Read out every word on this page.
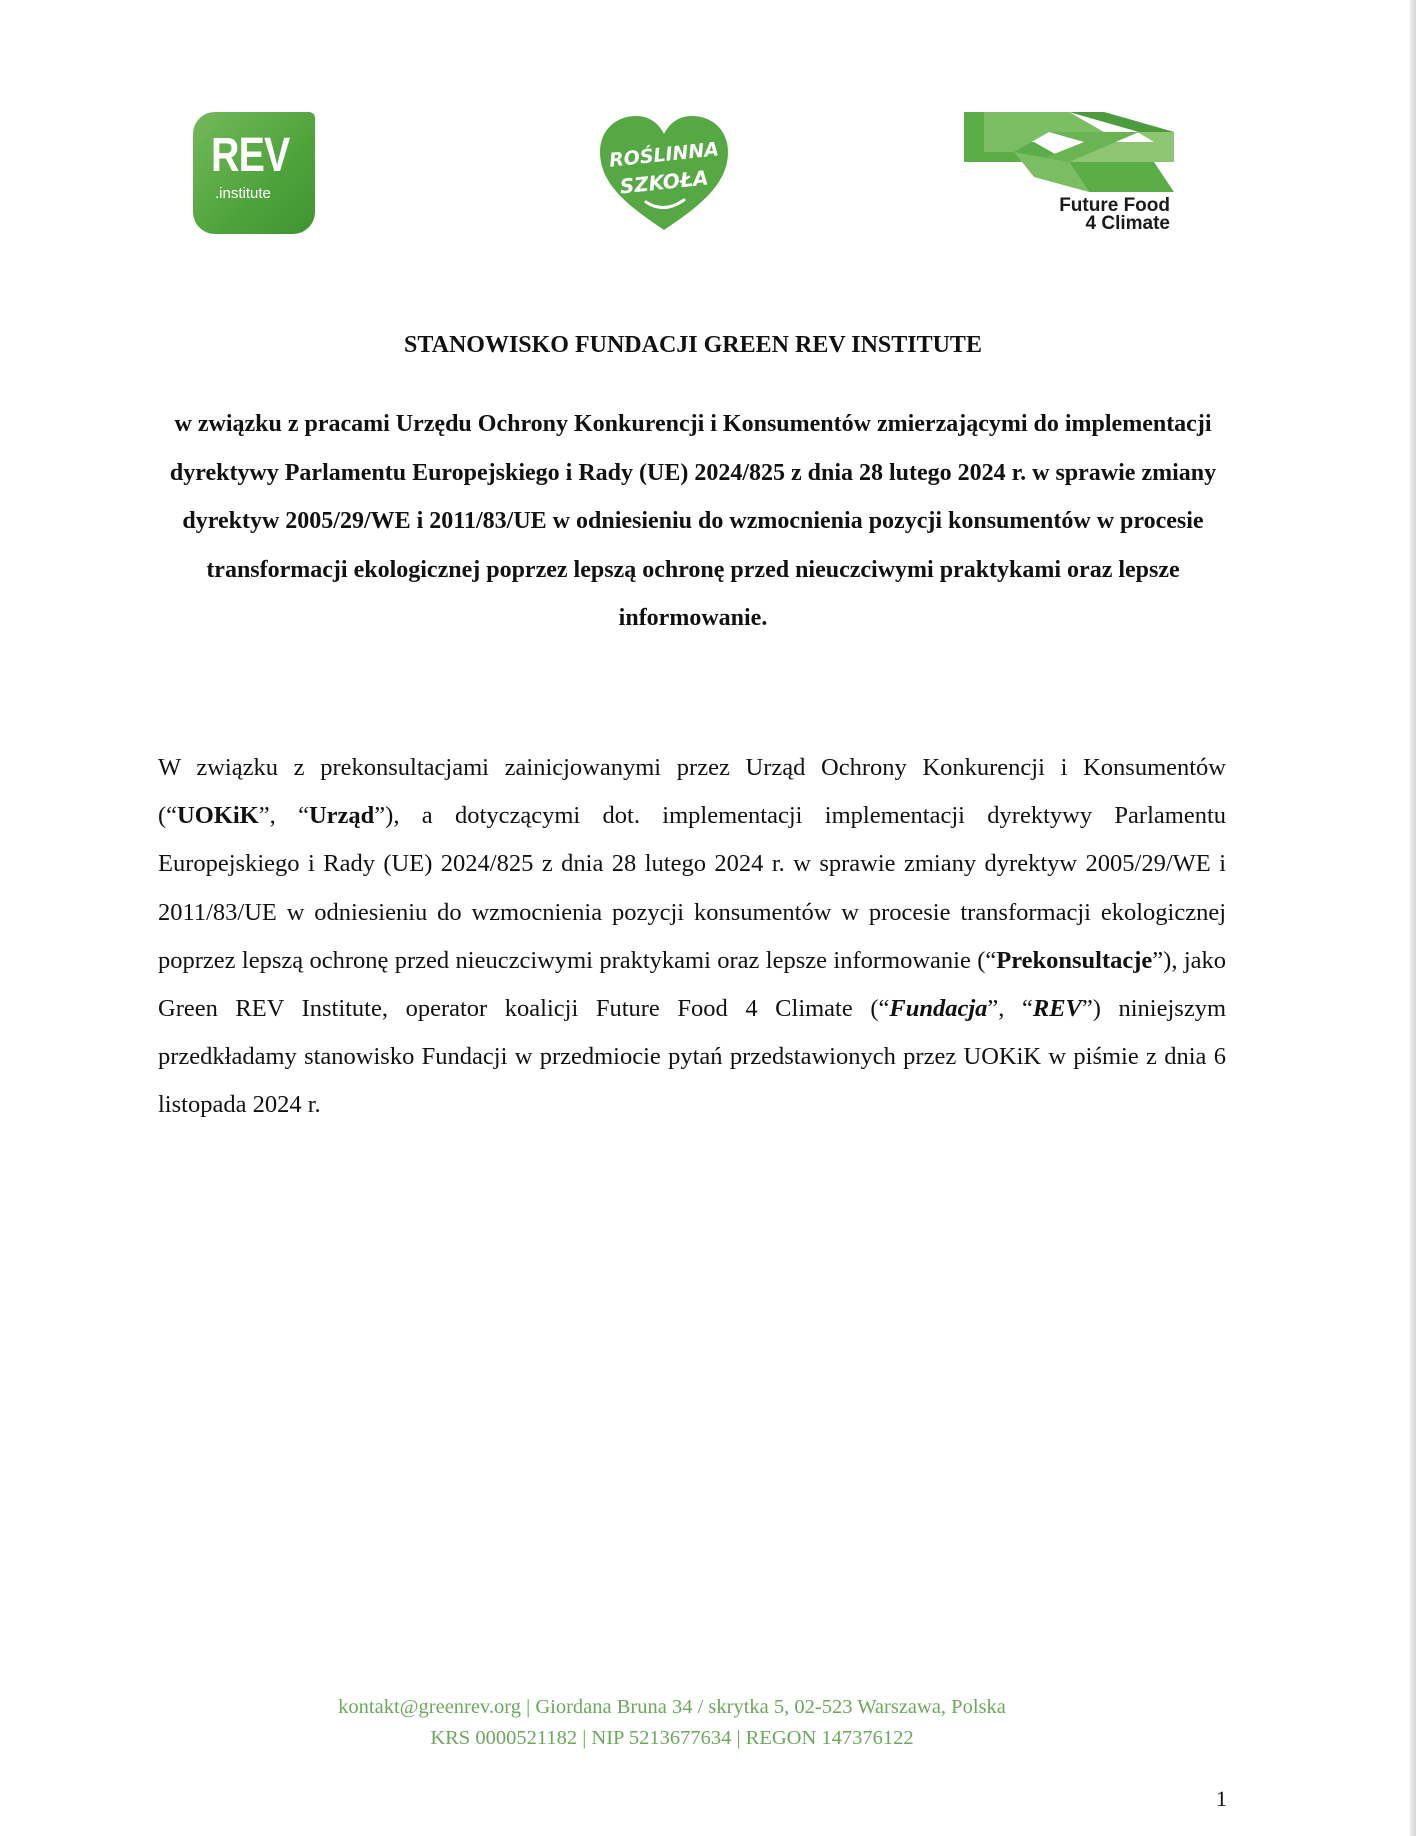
REV
.institute
ROŚLINNA
SZKOŁA
Future Food
4 Climate
STANOWISKO FUNDACJI GREEN REV INSTITUTE
w związku z pracami Urzędu Ochrony Konkurencji i Konsumentów zmierzającymi do implementacji dyrektywy Parlamentu Europejskiego i Rady (UE) 2024/825 z dnia 28 lutego 2024 r. w sprawie zmiany dyrektyw 2005/29/WE i 2011/83/UE w odniesieniu do wzmocnienia pozycji konsumentów w procesie transformacji ekologicznej poprzez lepszą ochronę przed nieuczciwymi praktykami oraz lepsze informowanie.

W związku z prekonsultacjami zainicjowanymi przez Urząd Ochrony Konkurencji i Konsumentów (“UOKiK”, “Urząd”), a dotyczącymi dot. implementacji implementacji dyrektywy Parlamentu Europejskiego i Rady (UE) 2024/825 z dnia 28 lutego 2024 r. w sprawie zmiany dyrektyw 2005/29/WE i 2011/83/UE w odniesieniu do wzmocnienia pozycji konsumentów w procesie transformacji ekologicznej poprzez lepszą ochronę przed nieuczciwymi praktykami oraz lepsze informowanie (“Prekonsultacje”), jako Green REV Institute, operator koalicji Future Food 4 Climate (“Fundacja”, “REV”) niniejszym przedkładamy stanowisko Fundacji w przedmiocie pytań przedstawionych przez UOKiK w piśmie z dnia 6 listopada 2024 r.

kontakt@greenrev.org | Giordana Bruna 34 / skrytka 5, 02-523 Warszawa, Polska
KRS 0000521182 | NIP 5213677634 | REGON 147376122
1
